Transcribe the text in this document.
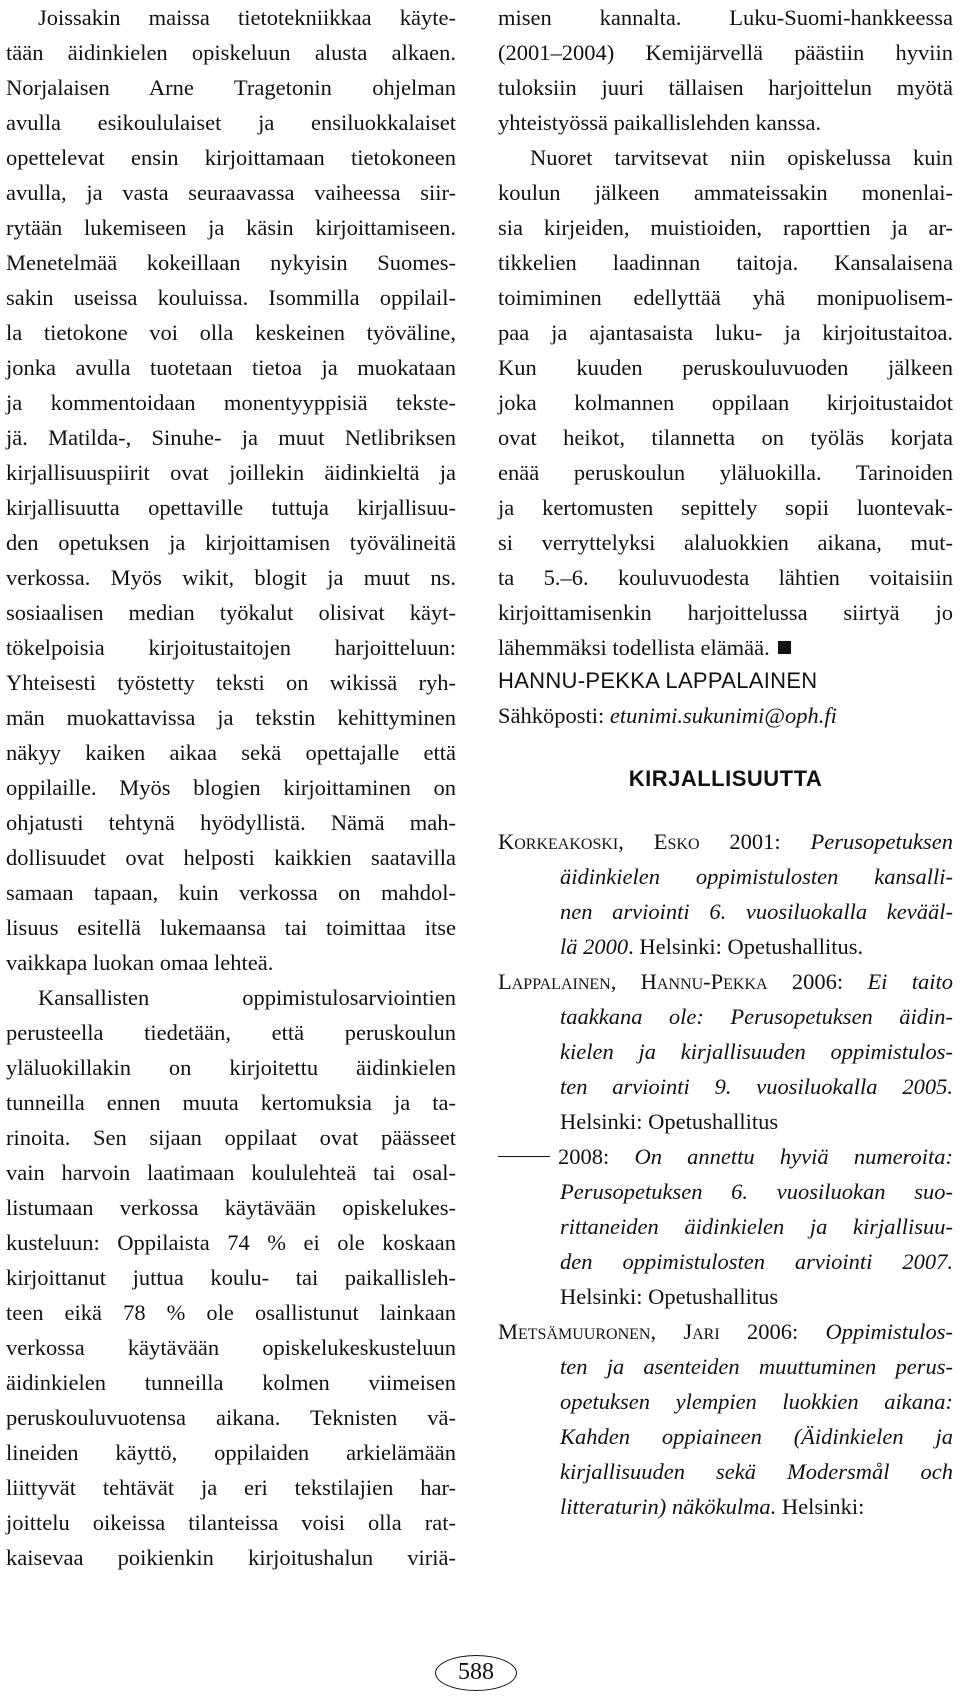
Joissakin maissa tietotekniikkaa käyte-
tään äidinkielen opiskeluun alusta alkaen.
Norjalaisen Arne Tragetonin ohjelman
avulla esikoululaiset ja ensiluokkalaiset
opettelevat ensin kirjoittamaan tietokoneen
avulla, ja vasta seuraavassa vaiheessa siir-
rytään lukemiseen ja käsin kirjoittamiseen.
Menetelmää kokeillaan nykyisin Suomes-
sakin useissa kouluissa. Isommilla oppilail-
la tietokone voi olla keskeinen työväline,
jonka avulla tuotetaan tietoa ja muokataan
ja kommentoidaan monentyyppisiä tekste-
jä. Matilda-, Sinuhe- ja muut Netlibriksen
kirjallisuuspiirit ovat joillekin äidinkieltä ja
kirjallisuutta opettaville tuttuja kirjallisuu-
den opetuksen ja kirjoittamisen työvälineitä
verkossa. Myös wikit, blogit ja muut ns.
sosiaalisen median työkalut olisivat käyt-
tökelpoisia kirjoitustaitojen harjoitteluun:
Yhteisesti työstetty teksti on wikissä ryh-
män muokattavissa ja tekstin kehittyminen
näkyy kaiken aikaa sekä opettajalle että
oppilaille. Myös blogien kirjoittaminen on
ohjatusti tehtynä hyödyllistä. Nämä mah-
dollisuudet ovat helposti kaikkien saatavilla
samaan tapaan, kuin verkossa on mahdol-
lisuus esitellä lukemaansa tai toimittaa itse
vaikkapa luokan omaa lehteä.
Kansallisten oppimistulosarviointien
perusteella tiedetään, että peruskoulun
yläluokillakin on kirjoitettu äidinkielen
tunneilla ennen muuta kertomuksia ja ta-
rinoita. Sen sijaan oppilaat ovat päässeet
vain harvoin laatimaan koululehteä tai osal-
listumaan verkossa käytävään opiskelukes-
kusteluun: Oppilaista 74 % ei ole koskaan
kirjoittanut juttua koulu- tai paikallisleh-
teen eikä 78 % ole osallistunut lainkaan
verkossa käytävään opiskelukeskusteluun
äidinkielen tunneilla kolmen viimeisen
peruskouluvuotensa aikana. Teknisten vä-
lineiden käyttö, oppilaiden arkielämään
liittyvät tehtävät ja eri tekstilajien har-
joittelu oikeissa tilanteissa voisi olla rat-
kaisevaa poikienkin kirjoitushalun viriä-
misen kannalta. Luku-Suomi-hankkeessa
(2001–2004) Kemijärvellä päästiin hyviin
tuloksiin juuri tällaisen harjoittelun myötä
yhteistyössä paikallislehden kanssa.
Nuoret tarvitsevat niin opiskelussa kuin
koulun jälkeen ammateissakin monenlai-
sia kirjeiden, muistioiden, raporttien ja ar-
tikkelien laadinnan taitoja. Kansalaisena
toimiminen edellyttää yhä monipuolisem-
paa ja ajantasaista luku- ja kirjoitustaitoa.
Kun kuuden peruskouluvuoden jälkeen
joka kolmannen oppilaan kirjoitustaidot
ovat heikot, tilannetta on työläs korjata
enää peruskoulun yläluokilla. Tarinoiden
ja kertomusten sepittely sopii luontevak-
si verryttelyksi alaluokkien aikana, mut-
ta 5.–6. kouluvuodesta lähtien voitaisiin
kirjoittamisenkin harjoittelussa siirtyä jo
lähemmäksi todellista elämää.
HANNU-PEKKA LAPPALAINEN
Sähköposti: etunimi.sukunimi@oph.fi
KIRJALLISUUTTA
Korkeakoski, Esko 2001: Perusopetuksen
äidinkielen oppimistulosten kansalli-
nen arviointi 6. vuosiluokalla kevääl-
lä 2000. Helsinki: Opetushallitus.
Lappalainen, Hannu-Pekka 2006: Ei taito
taakkana ole: Perusopetuksen äidin-
kielen ja kirjallisuuden oppimistulos-
ten arviointi 9. vuosiluokalla 2005.
Helsinki: Opetushallitus
2008: On annettu hyviä numeroita:
Perusopetuksen 6. vuosiluokan suo-
rittaneiden äidinkielen ja kirjallisuu-
den oppimistulosten arviointi 2007.
Helsinki: Opetushallitus
Metsämuuronen, Jari 2006: Oppimistulos-
ten ja asenteiden muuttuminen perus-
opetuksen ylempien luokkien aikana:
Kahden oppiaineen (Äidinkielen ja
kirjallisuuden sekä Modersmål och
litteraturin) näkökulma. Helsinki:
588
